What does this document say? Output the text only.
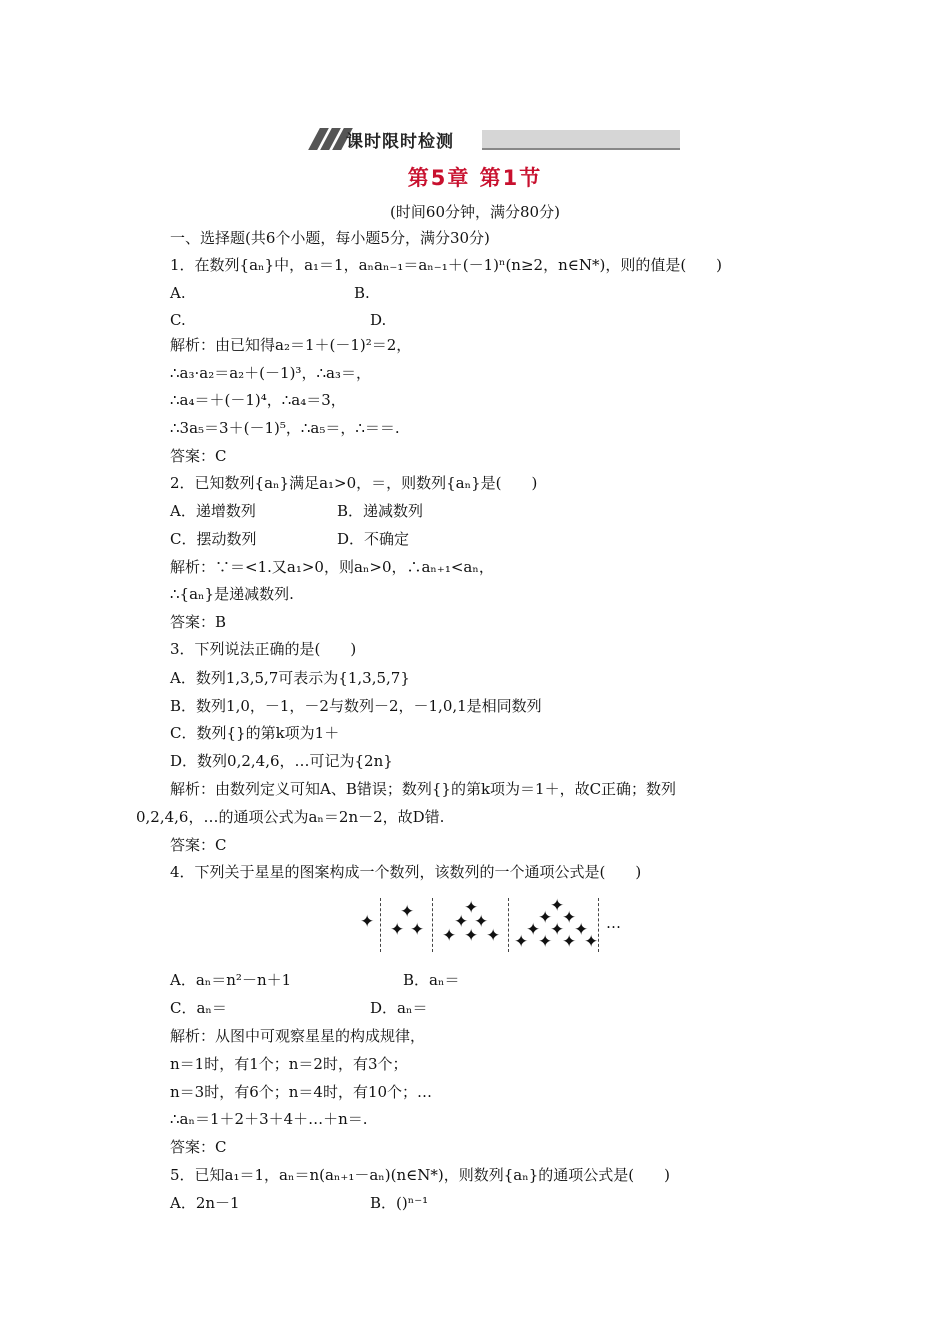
课时限时检测
第5章 第1节
(时间60分钟，满分80分)
一、选择题(共6个小题，每小题5分，满分30分)
1．在数列{aₙ}中，a₁＝1，aₙaₙ₋₁＝aₙ₋₁＋(－1)ⁿ(n≥2，n∈N*)，则的值是(　　)
A.	B.
C.	D.
解析：由已知得a₂＝1＋(－1)²＝2，
∴a₃·a₂＝a₂＋(－1)³，∴a₃＝，
∴a₄＝＋(－1)⁴，∴a₄＝3，
∴3a₅＝3＋(－1)⁵，∴a₅＝，∴＝＝.
答案：C
2．已知数列{aₙ}满足a₁>0，＝，则数列{aₙ}是(　　)
A．递增数列	B．递减数列
C．摆动数列	D．不确定
解析：∵＝<1.又a₁>0，则aₙ>0，∴aₙ₊₁<aₙ，
∴{aₙ}是递减数列.
答案：B
3．下列说法正确的是(　　)
A．数列1,3,5,7可表示为{1,3,5,7}
B．数列1,0，－1，－2与数列－2，－1,0,1是相同数列
C．数列{}的第k项为1＋
D．数列0,2,4,6，…可记为{2n}
解析：由数列定义可知A、B错误；数列{}的第k项为＝1＋，故C正确；数列
0,2,4,6，…的通项公式为aₙ＝2n－2，故D错.
答案：C
4．下列关于星星的图案构成一个数列，该数列的一个通项公式是(　　)
✦ ✦
✦ ✦
✦
✦ ✦
✦ ✦ ✦
✦
✦ ✦
✦ ✦ ✦
✦ ✦ ✦ ✦
…
A．aₙ＝n²－n＋1	B．aₙ＝
C．aₙ＝	D．aₙ＝
解析：从图中可观察星星的构成规律，
n＝1时，有1个；n＝2时，有3个；
n＝3时，有6个；n＝4时，有10个；…
∴aₙ＝1＋2＋3＋4＋…＋n＝.
答案：C
5．已知a₁＝1，aₙ＝n(aₙ₊₁－aₙ)(n∈N*)，则数列{aₙ}的通项公式是(　　)
A．2n－1	B．()ⁿ⁻¹
